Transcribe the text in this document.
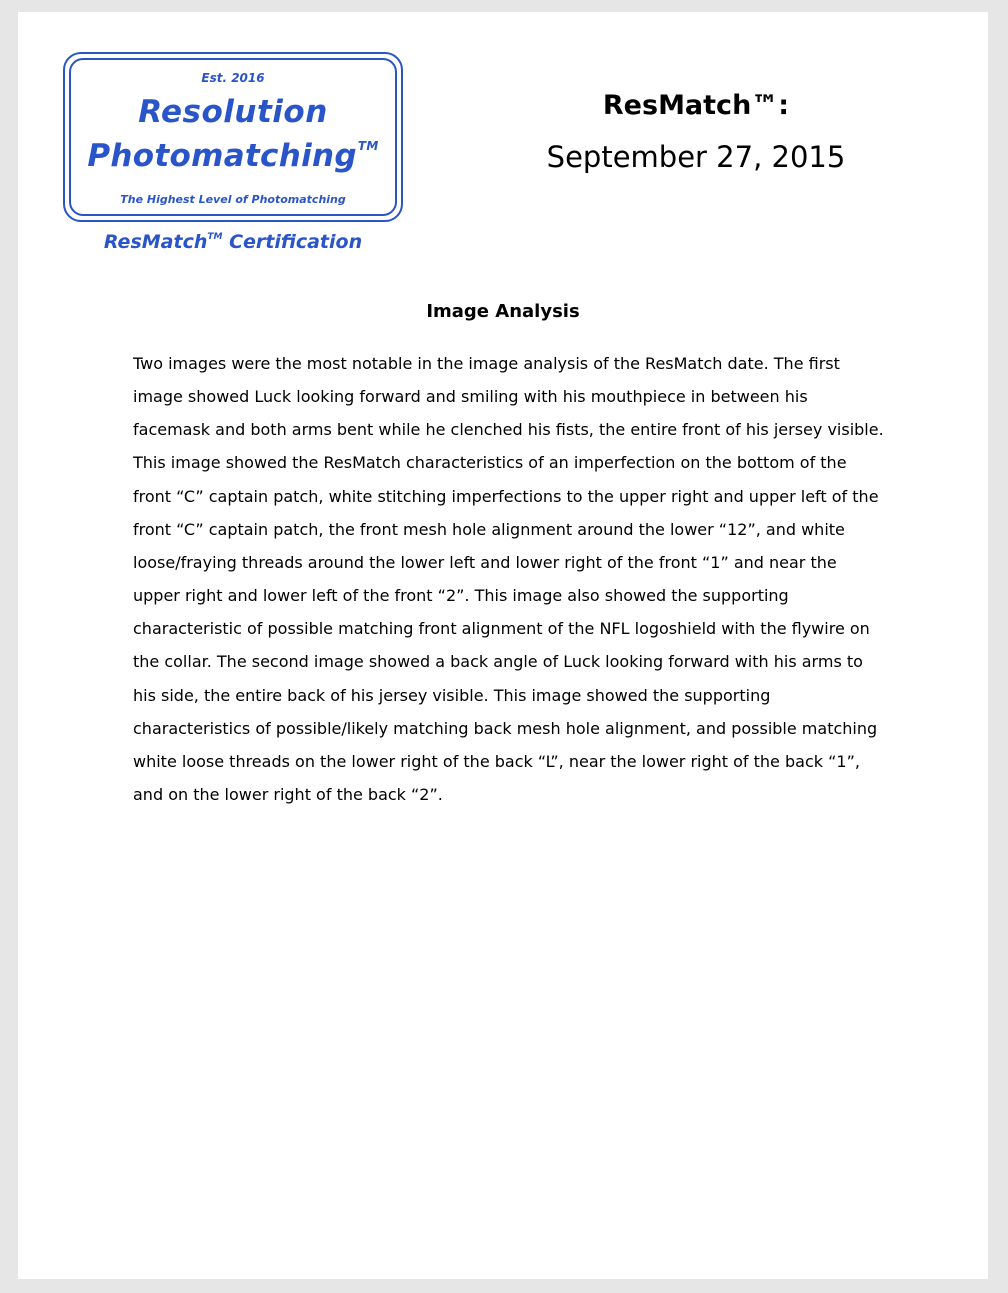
Est. 2016
Resolution
Photomatching™
The Highest Level of Photomatching
ResMatch™ Certification
ResMatch™:
September 27, 2015
Image Analysis

Two images were the most notable in the image analysis of the ResMatch date. The first image showed Luck looking forward and smiling with his mouthpiece in between his facemask and both arms bent while he clenched his fists, the entire front of his jersey visible. This image showed the ResMatch characteristics of an imperfection on the bottom of the front “C” captain patch, white stitching imperfections to the upper right and upper left of the front “C” captain patch, the front mesh hole alignment around the lower “12”, and white loose/fraying threads around the lower left and lower right of the front “1” and near the upper right and lower left of the front “2”. This image also showed the supporting characteristic of possible matching front alignment of the NFL logoshield with the flywire on the collar. The second image showed a back angle of Luck looking forward with his arms to his side, the entire back of his jersey visible. This image showed the supporting characteristics of possible/likely matching back mesh hole alignment, and possible matching white loose threads on the lower right of the back “L”, near the lower right of the back “1”, and on the lower right of the back “2”.
